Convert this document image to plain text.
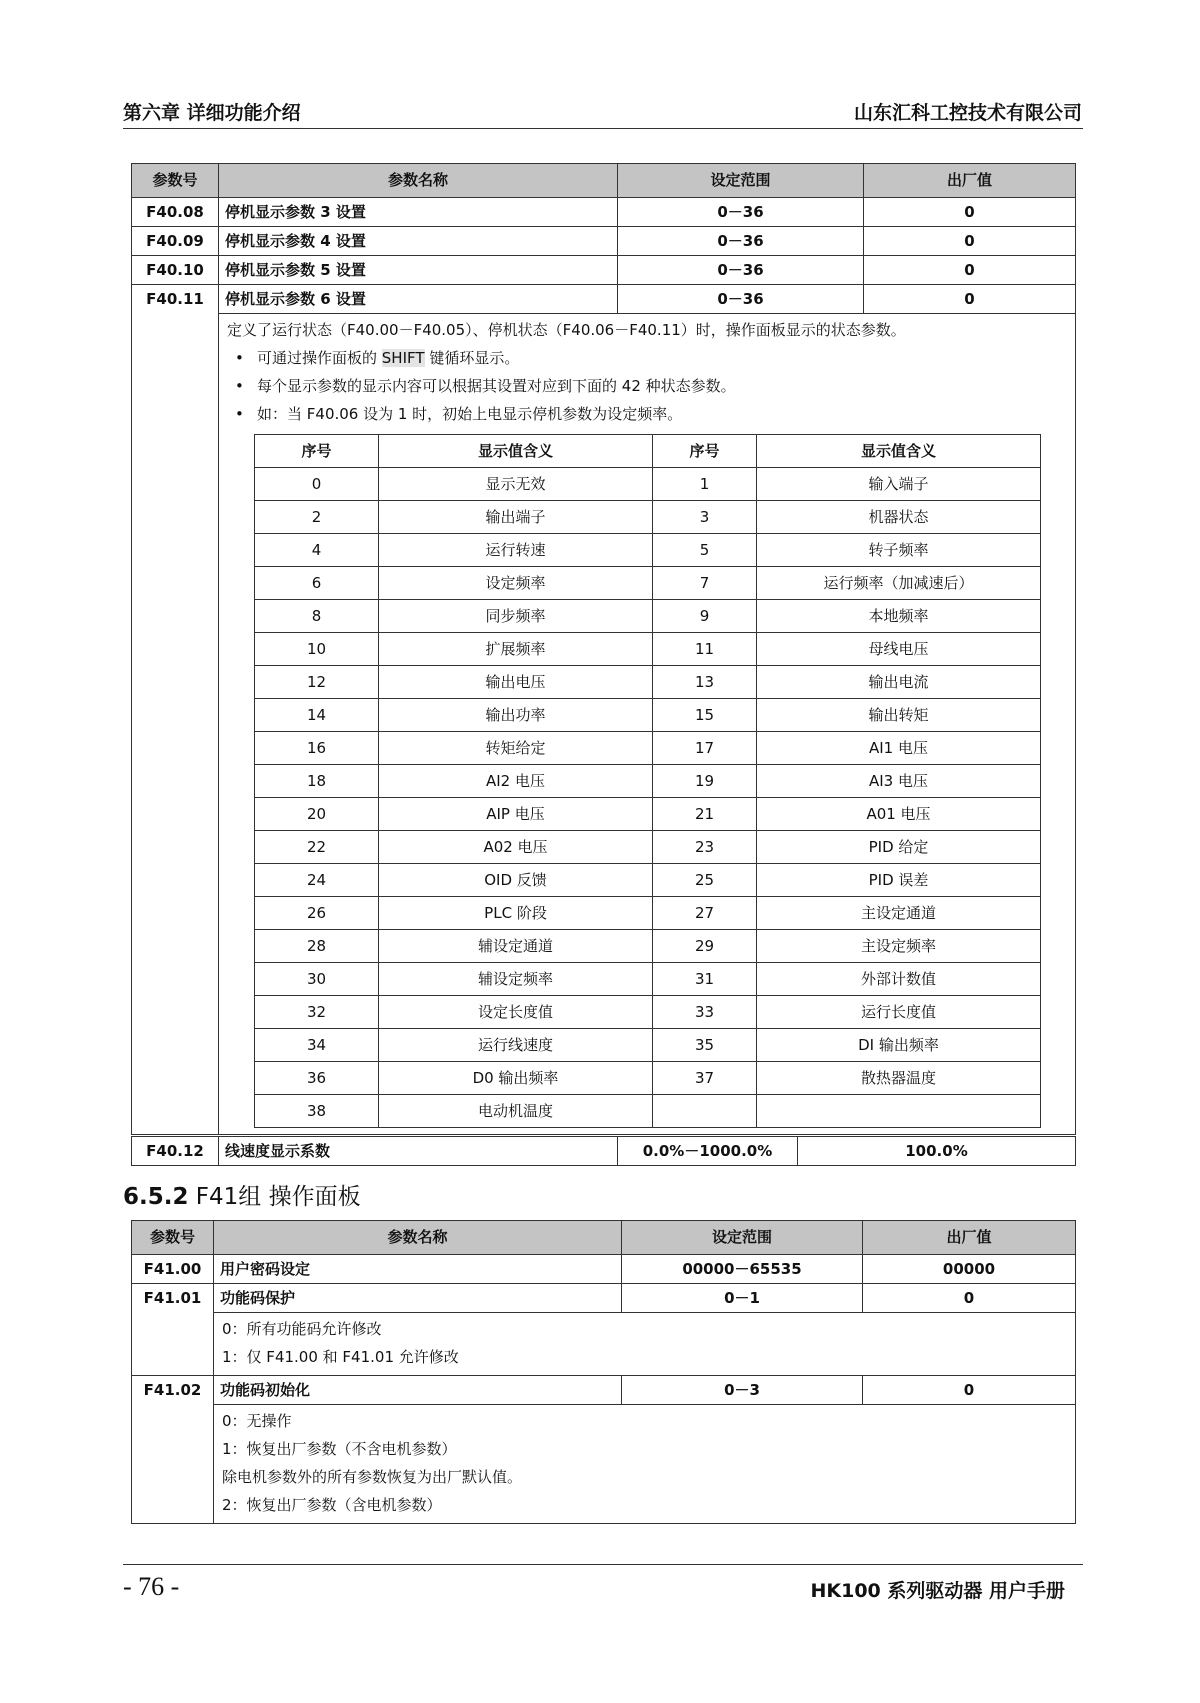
第六章 详细功能介绍	山东汇科工控技术有限公司
参数号	参数名称	设定范围	出厂值
F40.08	停机显示参数 3 设置	0－36	0
F40.09	停机显示参数 4 设置	0－36	0
F40.10	停机显示参数 5 设置	0－36	0
F40.11	停机显示参数 6 设置	0－36	0

定义了运行状态（F40.00－F40.05）、停机状态（F40.06－F40.11）时，操作面板显示的状态参数。

• 可通过操作面板的 SHIFT 键循环显示。

• 每个显示参数的显示内容可以根据其设置对应到下面的 42 种状态参数。

• 如：当 F40.06 设为 1 时，初始上电显示停机参数为设定频率。

序号	显示值含义	序号	显示值含义
0	显示无效	1	输入端子
2	输出端子	3	机器状态
4	运行转速	5	转子频率
6	设定频率	7	运行频率（加减速后）
8	同步频率	9	本地频率
10	扩展频率	11	母线电压
12	输出电压	13	输出电流
14	输出功率	15	输出转矩
16	转矩给定	17	AI1 电压
18	AI2 电压	19	AI3 电压
20	AIP 电压	21	A01 电压
22	A02 电压	23	PID 给定
24	OID 反馈	25	PID 误差
26	PLC 阶段	27	主设定通道
28	辅设定通道	29	主设定频率
30	辅设定频率	31	外部计数值
32	设定长度值	33	运行长度值
34	运行线速度	35	DI 输出频率
36	D0 输出频率	37	散热器温度
38	电动机温度		
F40.12	线速度显示系数	0.0%－1000.0%	100.0%
6.5.2 F41组 操作面板
参数号	参数名称	设定范围	出厂值
F41.00	用户密码设定	00000－65535	00000
F41.01	功能码保护	0－1	0

	0：所有功能码允许修改

1：仅 F41.00 和 F41.01 允许修改		

F41.02	功能码初始化	0－3	0

	0：无操作

1：恢复出厂参数（不含电机参数）

除电机参数外的所有参数恢复为出厂默认值。

2：恢复出厂参数（含电机参数）		

- 76 -	HK100 系列驱动器 用户手册
